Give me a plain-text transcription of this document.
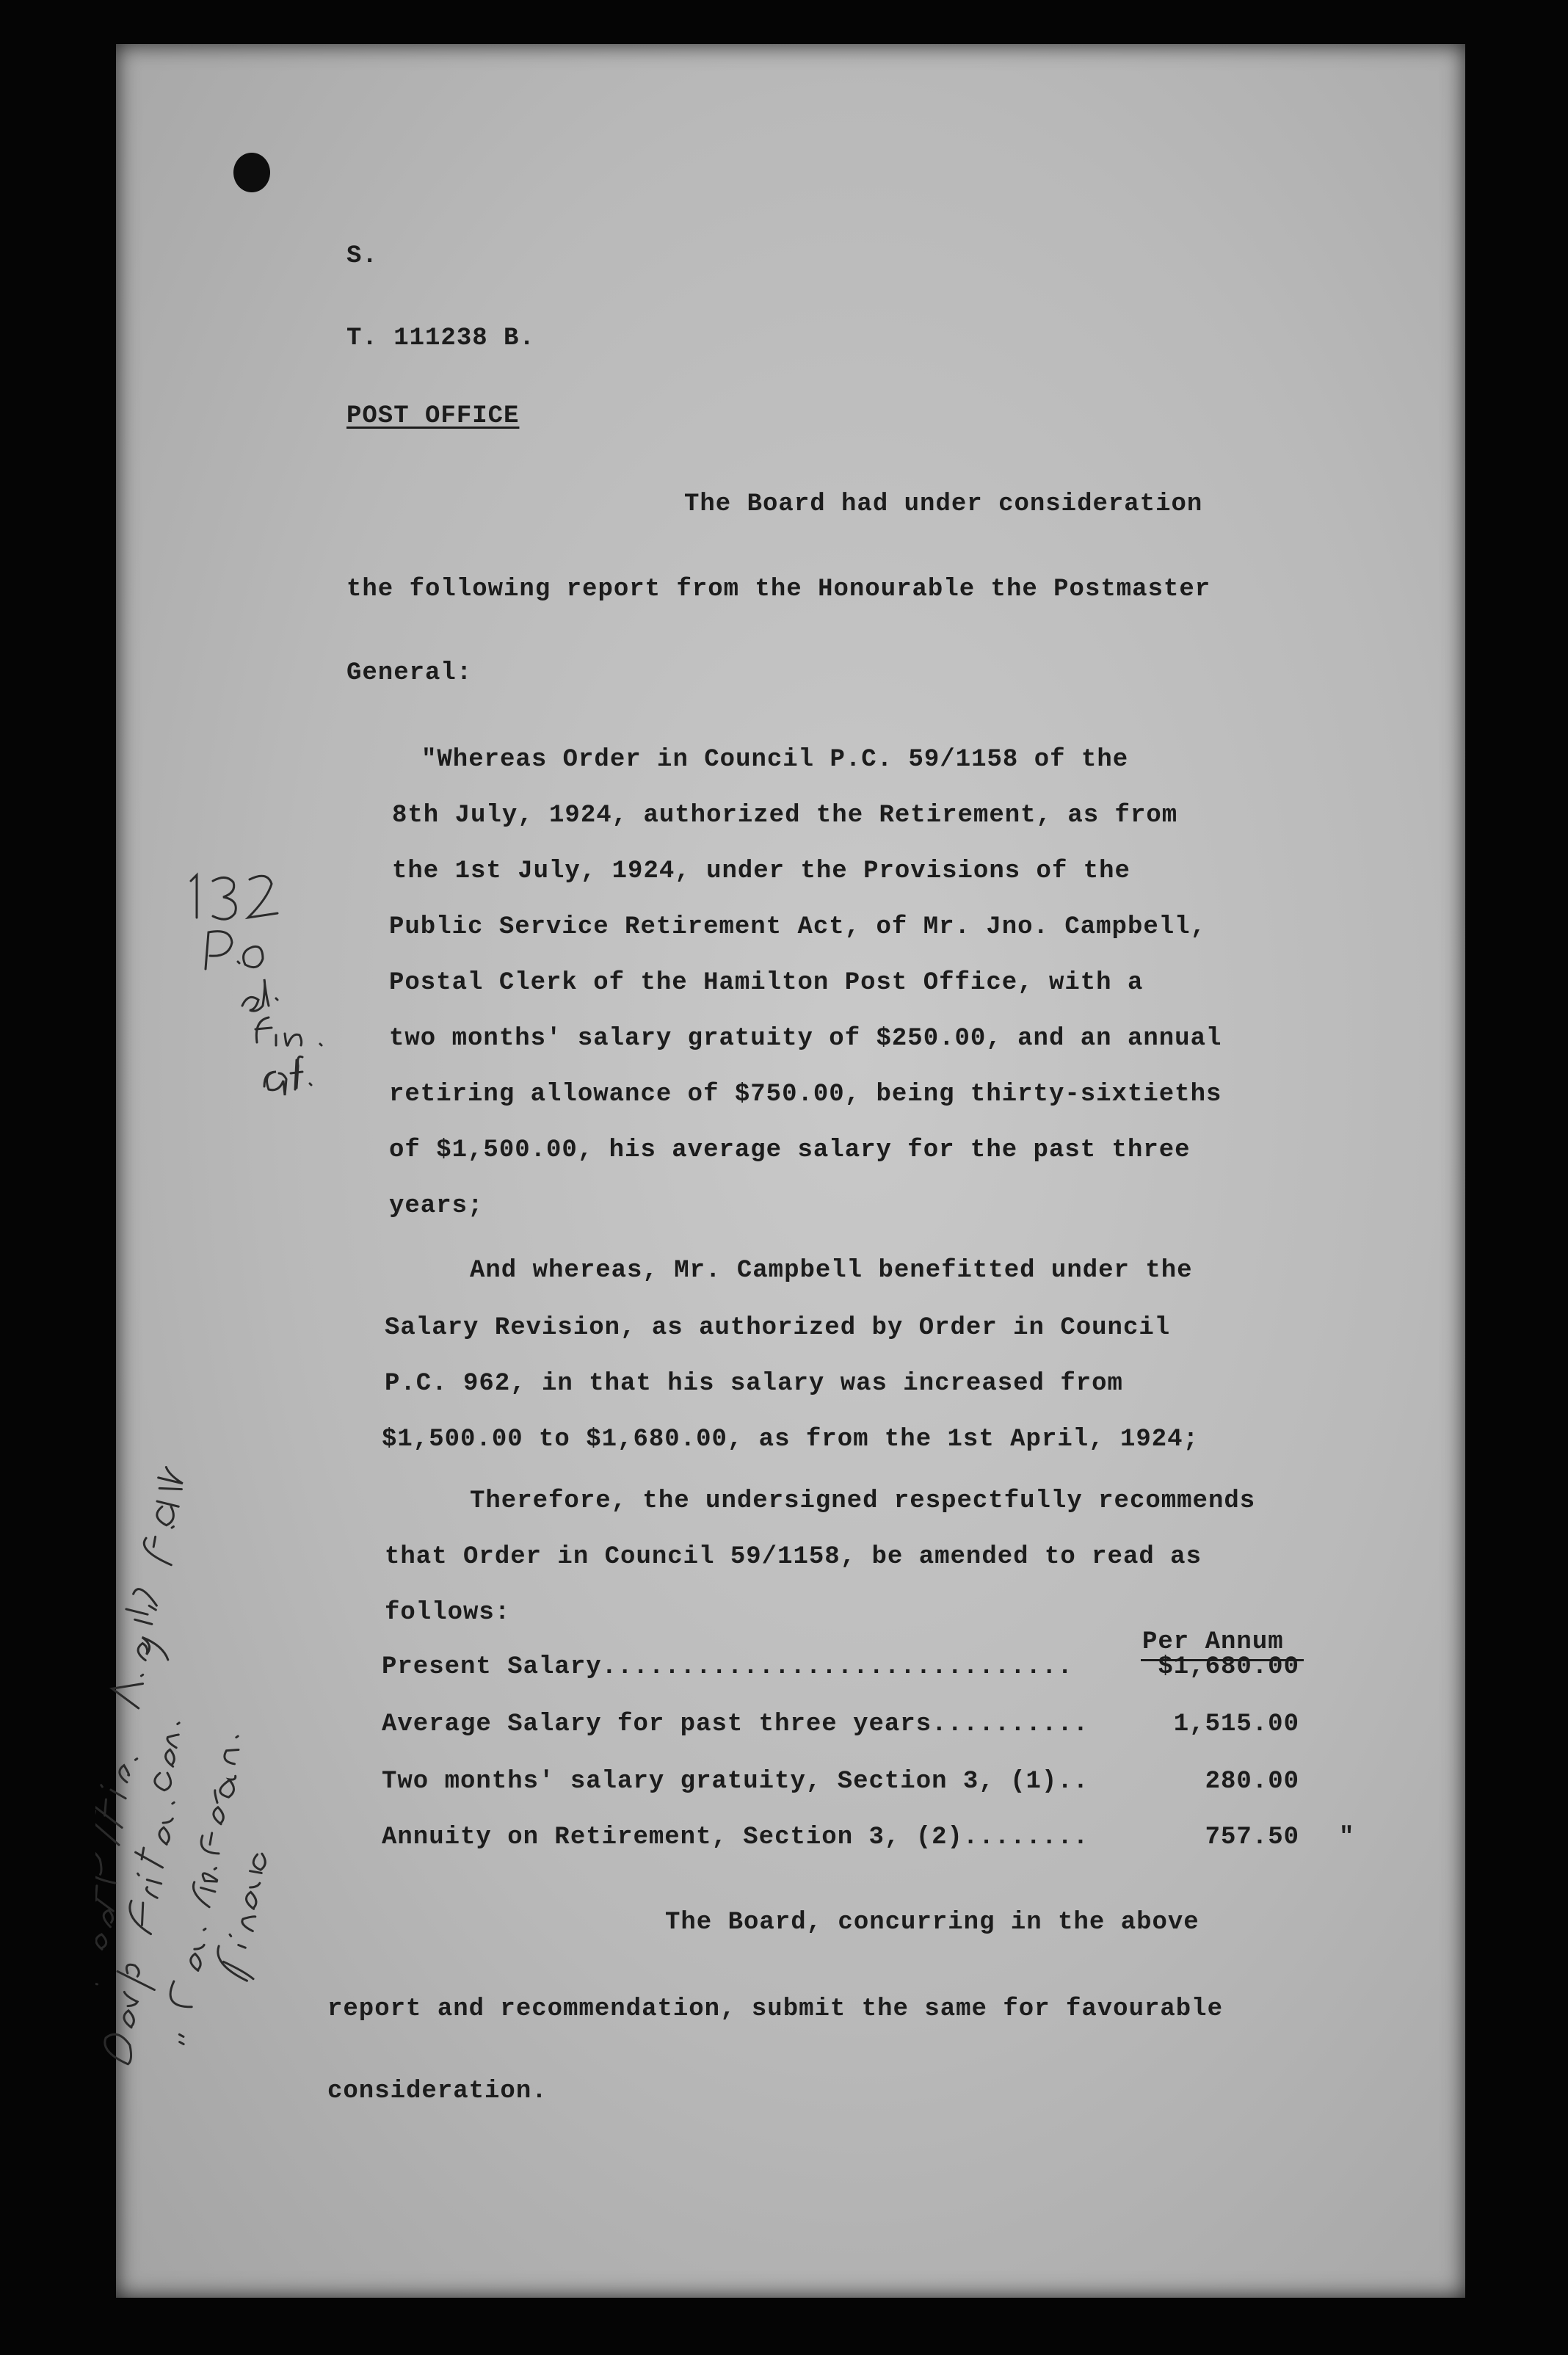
S.
T. 111238 B.
POST OFFICE
The Board had under consideration
the following report from the Honourable the Postmaster
General:
"Whereas Order in Council P.C. 59/1158 of the
8th July, 1924, authorized the Retirement, as from
the 1st July, 1924, under the Provisions of the
Public Service Retirement Act, of Mr. Jno. Campbell,
Postal Clerk of the Hamilton Post Office, with a
two months' salary gratuity of $250.00, and an annual
retiring allowance of $750.00, being thirty-sixtieths
of $1,500.00, his average salary for the past three
years;
And whereas, Mr. Campbell benefitted under the
Salary Revision, as authorized by Order in Council
P.C. 962, in that his salary was increased from
$1,500.00 to $1,680.00, as from the 1st April, 1924;
Therefore, the undersigned respectfully recommends
that Order in Council 59/1158, be amended to read as
follows:
Per Annum
Present Salary..............................	$1,680.00
Average Salary for past three years..........	1,515.00
Two months' salary gratuity, Section 3, (1)..	280.00
Annuity on Retirement, Section 3, (2)........	757.50 "
The Board, concurring in the above
report and recommendation, submit the same for favourable
consideration.
